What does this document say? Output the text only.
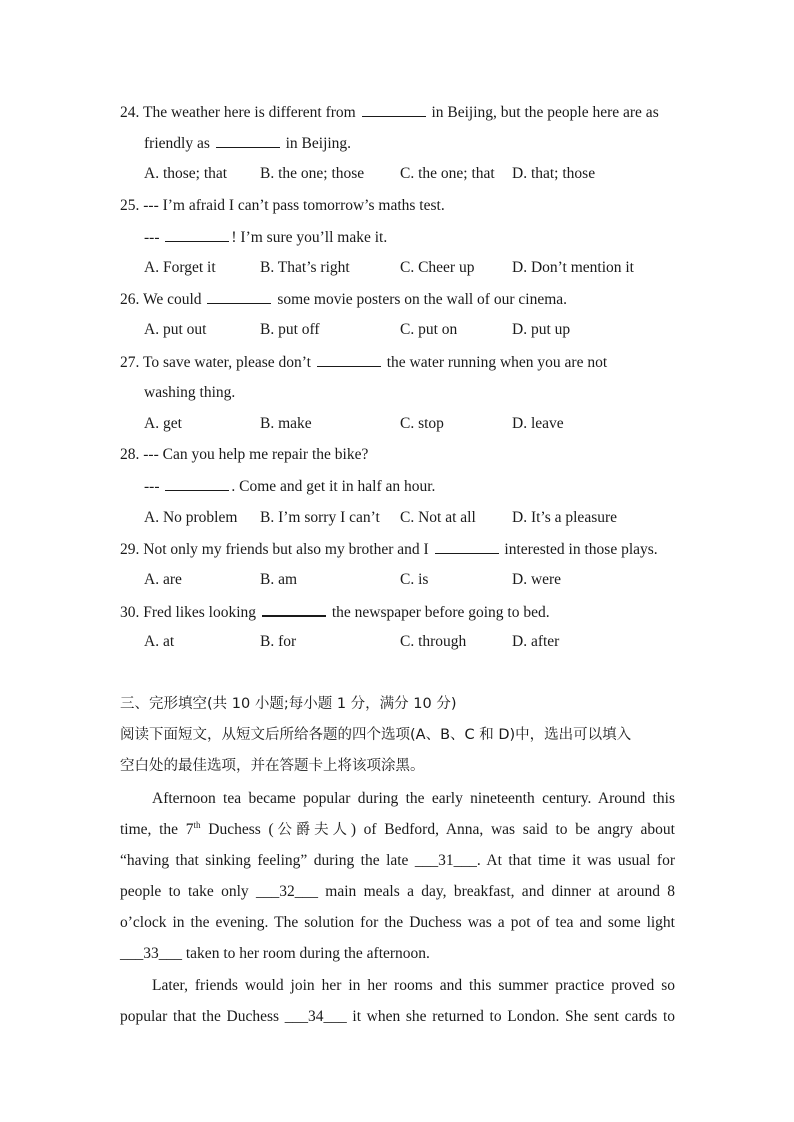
24. The weather here is different from	in Beijing, but the people here are as
friendly as	in Beijing.
A. those; that B. the one; those C. the one; that D. that; those
25. --- I’m afraid I can’t pass tomorrow’s maths test.
---	! I’m sure you’ll make it.
A. Forget it	B. That’s right	C. Cheer up D. Don’t mention it
26. We could	some movie posters on the wall of our cinema.
A. put out	B. put off	C. put on	D. put up
27. To save water, please don’t	the water running when you are not
washing thing.
A. get	B. make	C. stop	D. leave
28. --- Can you help me repair the bike?
---	. Come and get it in half an hour.
A. No problem B. I’m sorry I can’t C. Not at all D. It’s a pleasure
29. Not only my friends but also my brother and I	interested in those plays.
A. are	B. am	C. is	D. were
30. Fred likes looking	the newspaper before going to bed.
A. at	B. for	C. through	D. after
三、完形填空(共 10 小题;每小题 1 分，满分 10 分)
阅读下面短文，从短文后所给各题的四个选项(A、B、C 和 D)中，选出可以填入
空白处的最佳选项，并在答题卡上将该项涂黑。
Afternoon tea became popular during the early nineteenth century. Around this
time, the 7th Duchess (公爵夫人) of Bedford, Anna, was said to be angry about
“having that sinking feeling” during the late ___31___. At that time it was usual for
people to take only ___32___ main meals a day, breakfast, and dinner at around 8
o’clock in the evening. The solution for the Duchess was a pot of tea and some light
___33___ taken to her room during the afternoon.
Later, friends would join her in her rooms and this summer practice proved so
popular that the Duchess ___34___ it when she returned to London. She sent cards to
